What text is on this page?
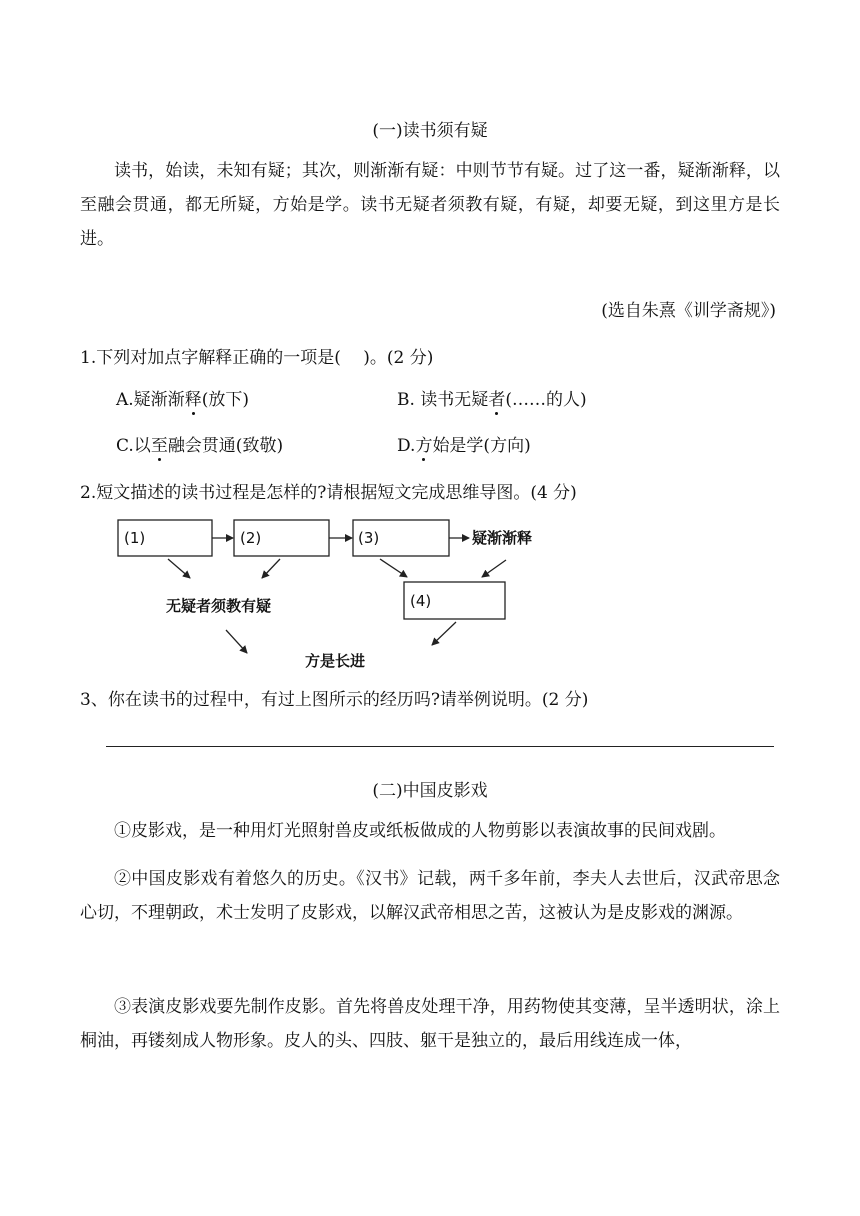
(一)读书须有疑
读书，始读，未知有疑；其次，则渐渐有疑：中则节节有疑。过了这一番，疑渐渐释，以至融会贯通，都无所疑，方始是学。读书无疑者须教有疑，有疑，却要无疑，到这里方是长进。
(选自朱熹《训学斋规》)
1.下列对加点字解释正确的一项是(　 )。(2 分)
A.疑渐渐释(放下)	B. 读书无疑者(……的人)
C.以至融会贯通(致敬)	D.方始是学(方向)
2.短文描述的读书过程是怎样的?请根据短文完成思维导图。(4 分)
(1)	(2)	(3)
(4)
疑渐渐释
无疑者须教有疑
方是长进
3、你在读书的过程中，有过上图所示的经历吗?请举例说明。(2 分)
(二)中国皮影戏
①皮影戏，是一种用灯光照射兽皮或纸板做成的人物剪影以表演故事的民间戏剧。
②中国皮影戏有着悠久的历史。《汉书》记载，两千多年前，李夫人去世后，汉武帝思念心切，不理朝政，术士发明了皮影戏，以解汉武帝相思之苦，这被认为是皮影戏的渊源。
③表演皮影戏要先制作皮影。首先将兽皮处理干净，用药物使其变薄，呈半透明状，涂上桐油，再镂刻成人物形象。皮人的头、四肢、躯干是独立的，最后用线连成一体，
